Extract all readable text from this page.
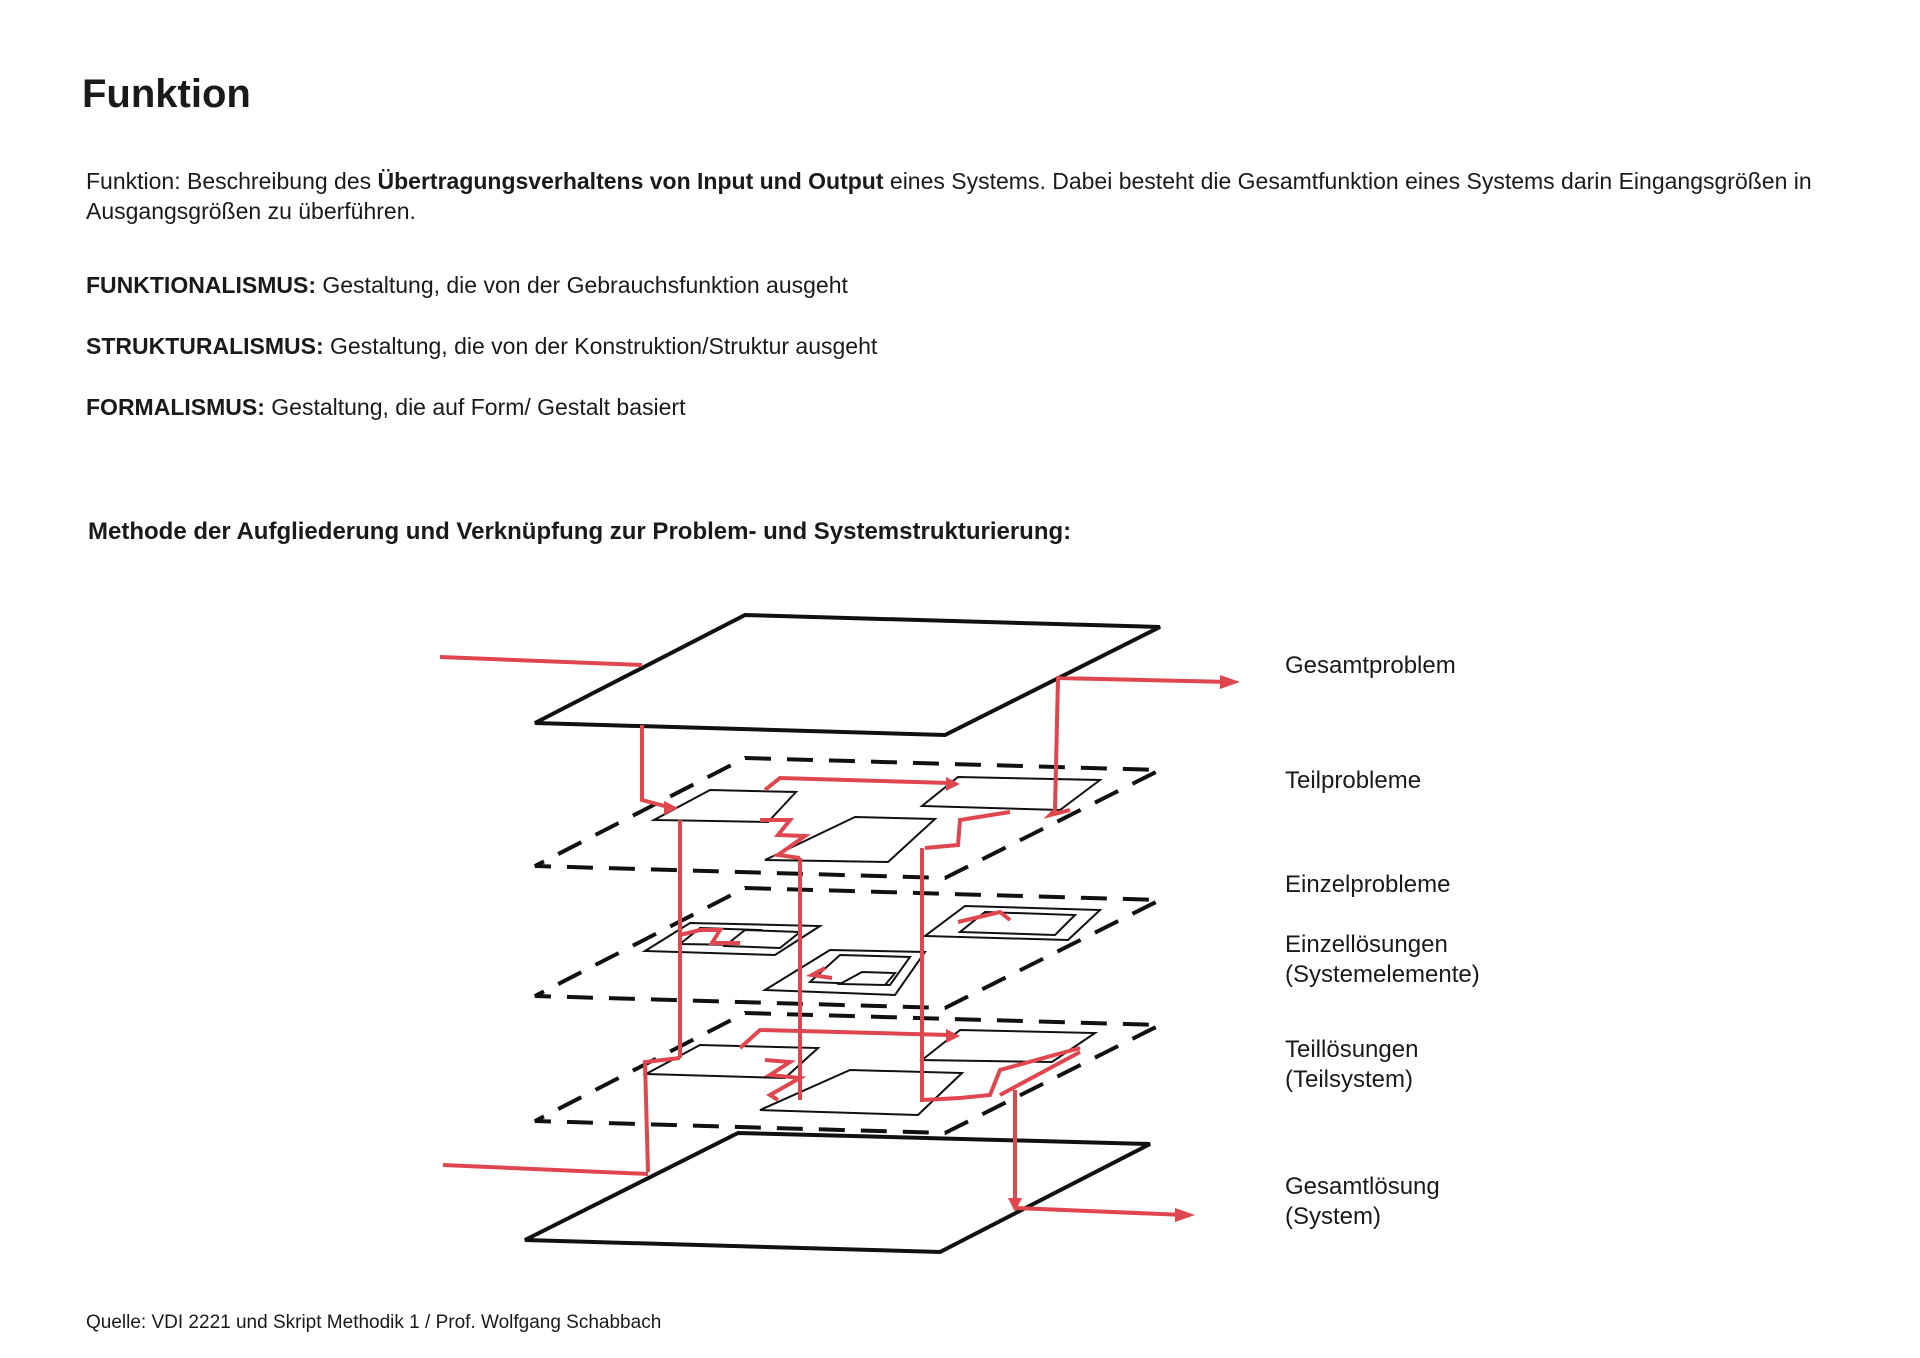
Funktion

Funktion: Beschreibung des Übertragungsverhaltens von Input und Output eines Systems. Dabei besteht die Gesamtfunktion eines Systems darin Eingangsgrößen in Ausgangsgrößen zu überführen.

FUNKTIONALISMUS: Gestaltung, die von der Gebrauchsfunktion ausgeht
STRUKTURALISMUS: Gestaltung, die von der Konstruktion/Struktur ausgeht
FORMALISMUS: Gestaltung, die auf Form/ Gestalt basiert
Methode der Aufgliederung und Verknüpfung zur Problem- und Systemstrukturierung:
Gesamtproblem
Teilprobleme
Einzelprobleme
Einzellösungen
(Systemelemente)
Teillösungen
(Teilsystem)
Gesamtlösung
(System)
Quelle: VDI 2221 und Skript Methodik 1 / Prof. Wolfgang Schabbach
